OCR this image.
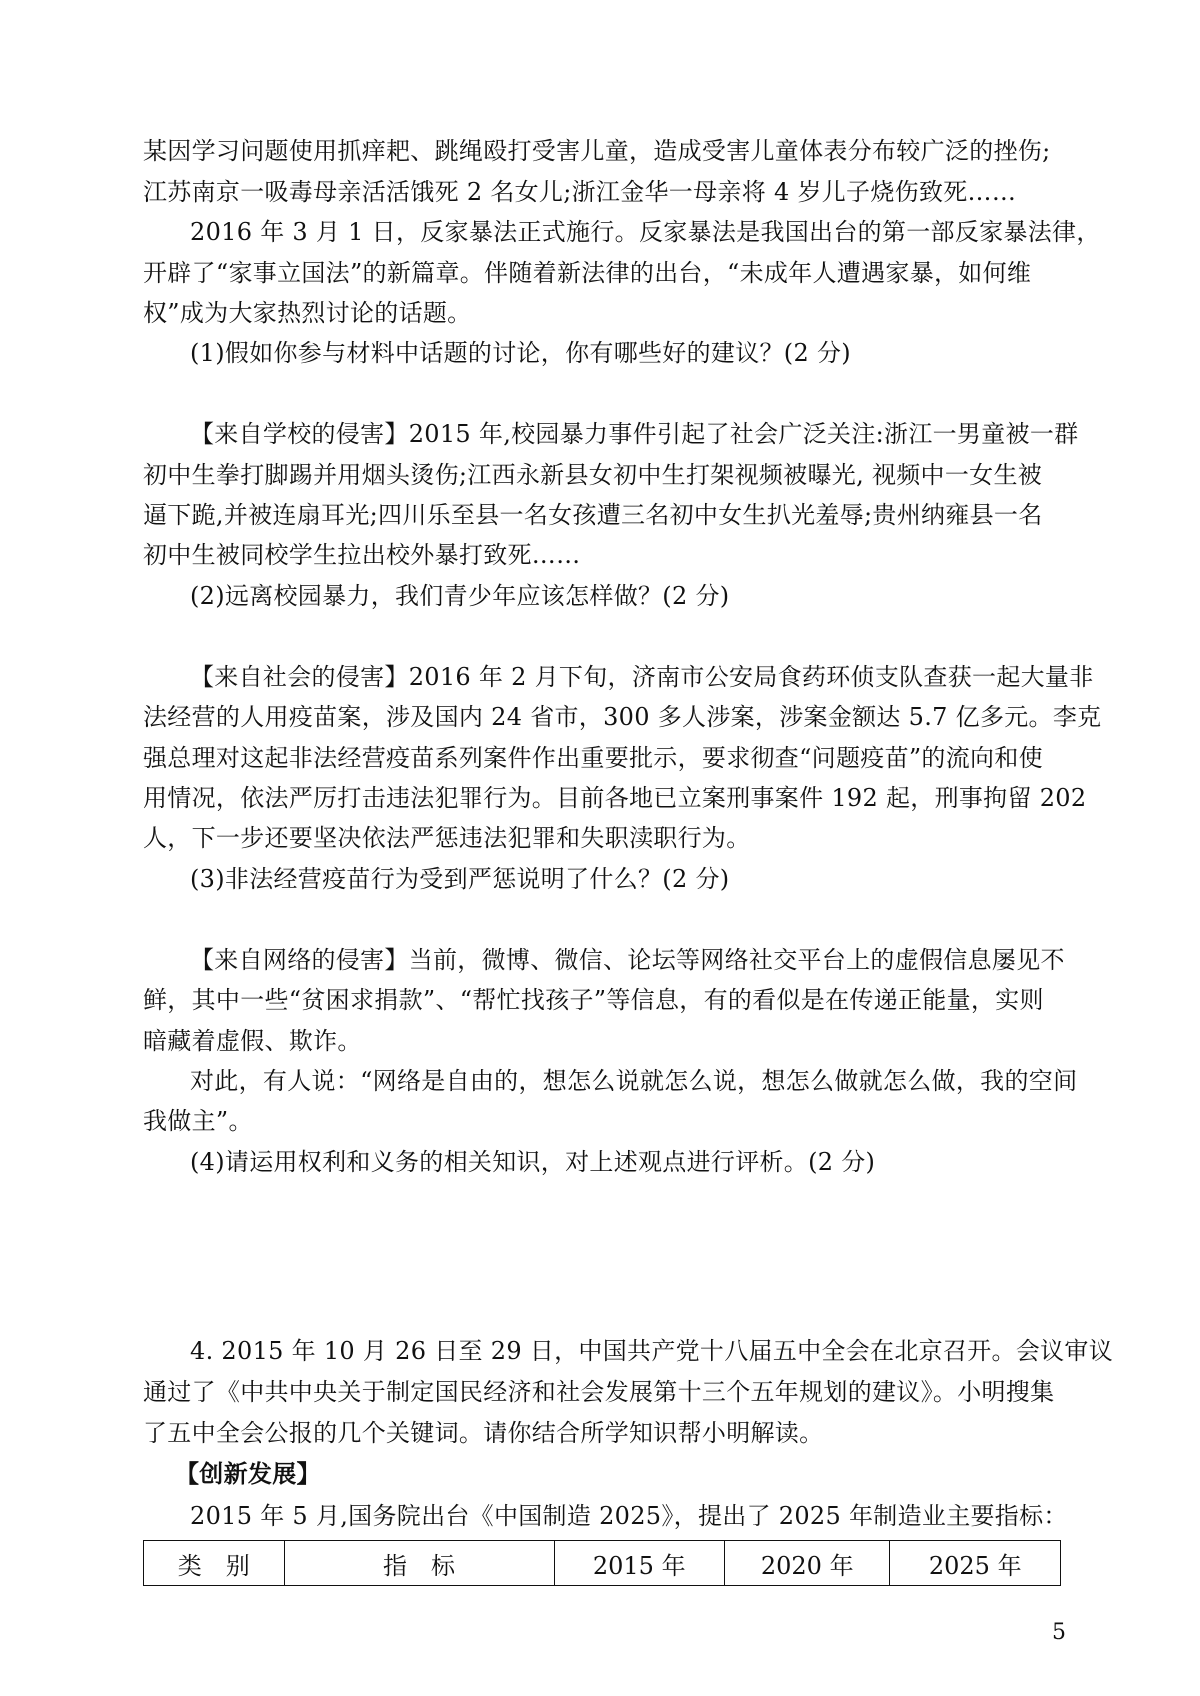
某因学习问题使用抓痒耙、跳绳殴打受害儿童，造成受害儿童体表分布较广泛的挫伤;
江苏南京一吸毒母亲活活饿死 2 名女儿;浙江金华一母亲将 4 岁儿子烧伤致死……
2016 年 3 月 1 日，反家暴法正式施行。反家暴法是我国出台的第一部反家暴法律，
开辟了“家事立国法”的新篇章。伴随着新法律的出台，“未成年人遭遇家暴，如何维
权”成为大家热烈讨论的话题。
(1)假如你参与材料中话题的讨论，你有哪些好的建议？(2 分)
【来自学校的侵害】2015 年,校园暴力事件引起了社会广泛关注:浙江一男童被一群
初中生拳打脚踢并用烟头烫伤;江西永新县女初中生打架视频被曝光, 视频中一女生被
逼下跪,并被连扇耳光;四川乐至县一名女孩遭三名初中女生扒光羞辱;贵州纳雍县一名
初中生被同校学生拉出校外暴打致死……
(2)远离校园暴力，我们青少年应该怎样做？(2 分)
【来自社会的侵害】2016 年 2 月下旬，济南市公安局食药环侦支队查获一起大量非
法经营的人用疫苗案，涉及国内 24 省市，300 多人涉案，涉案金额达 5.7 亿多元。李克
强总理对这起非法经营疫苗系列案件作出重要批示，要求彻查“问题疫苗”的流向和使
用情况，依法严厉打击违法犯罪行为。目前各地已立案刑事案件 192 起，刑事拘留 202
人，下一步还要坚决依法严惩违法犯罪和失职渎职行为。
(3)非法经营疫苗行为受到严惩说明了什么？(2 分)
【来自网络的侵害】当前，微博、微信、论坛等网络社交平台上的虚假信息屡见不
鲜，其中一些“贫困求捐款”、“帮忙找孩子”等信息，有的看似是在传递正能量，实则
暗藏着虚假、欺诈。
对此，有人说：“网络是自由的，想怎么说就怎么说，想怎么做就怎么做，我的空间
我做主”。
(4)请运用权利和义务的相关知识，对上述观点进行评析。(2 分)
4. 2015 年 10 月 26 日至 29 日，中国共产党十八届五中全会在北京召开。会议审议
通过了《中共中央关于制定国民经济和社会发展第十三个五年规划的建议》。小明搜集
了五中全会公报的几个关键词。请你结合所学知识帮小明解读。
类　别	指　标	2015 年	2020 年	2025 年
5
【创新发展】
2015 年 5 月,国务院出台《中国制造 2025》，提出了 2025 年制造业主要指标：
